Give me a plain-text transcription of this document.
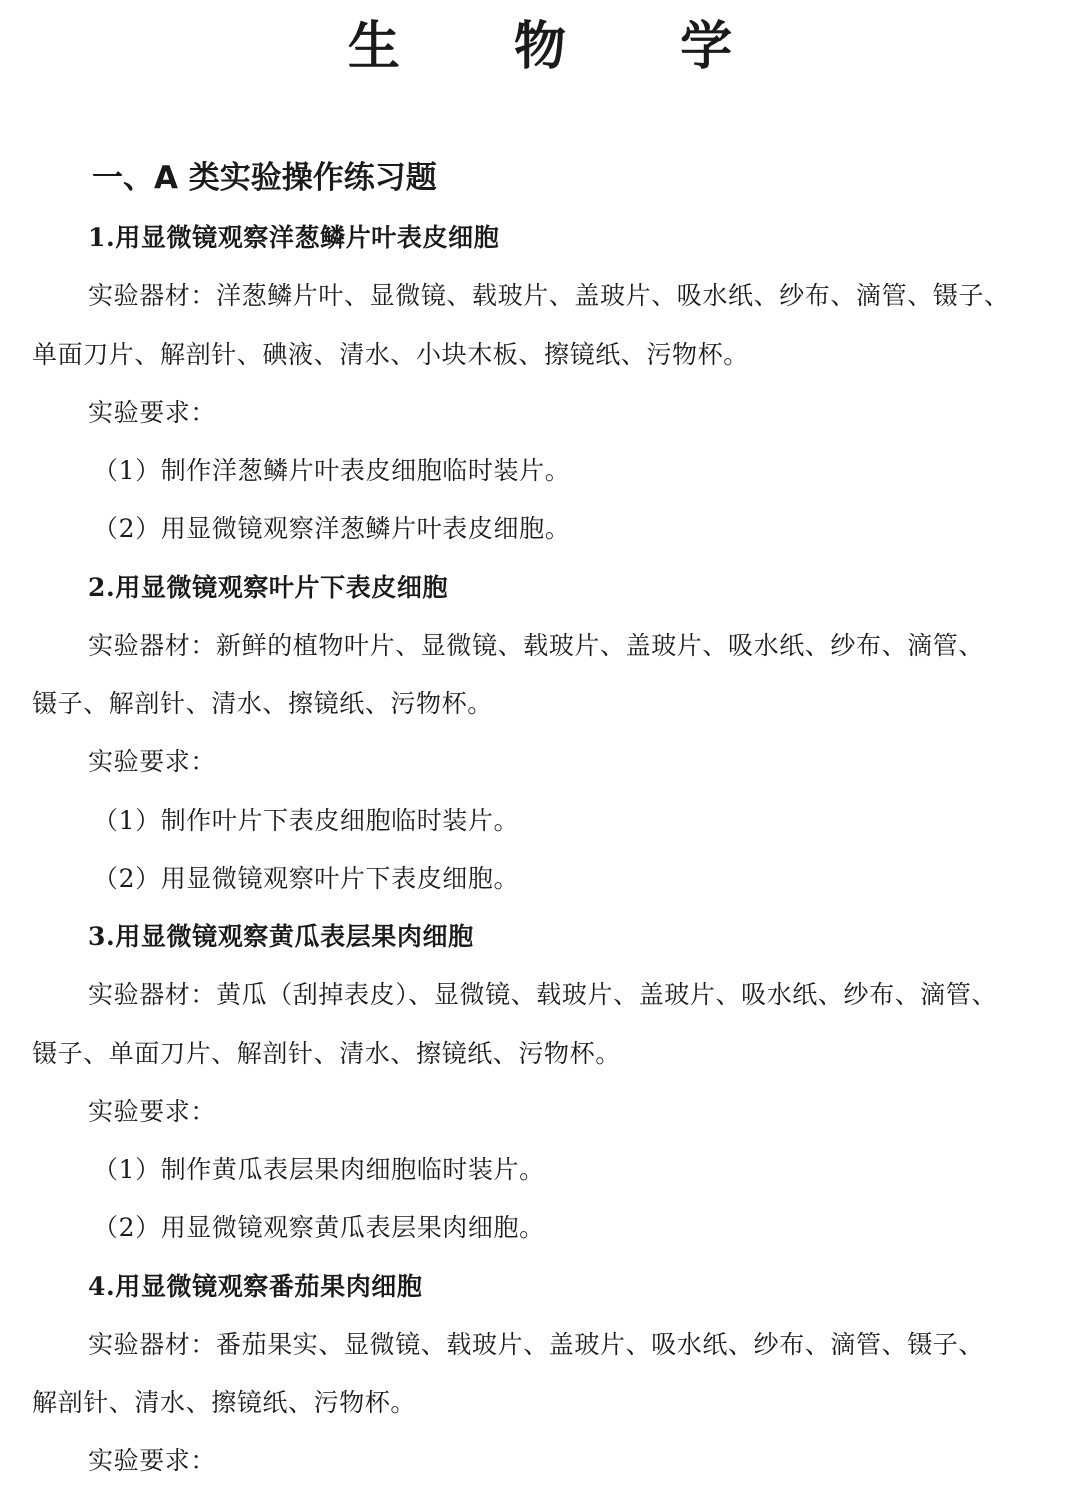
生 物 学
一、A 类实验操作练习题
1.用显微镜观察洋葱鳞片叶表皮细胞
实验器材：洋葱鳞片叶、显微镜、载玻片、盖玻片、吸水纸、纱布、滴管、镊子、
单面刀片、解剖针、碘液、清水、小块木板、擦镜纸、污物杯。
实验要求：
（1）制作洋葱鳞片叶表皮细胞临时装片。
（2）用显微镜观察洋葱鳞片叶表皮细胞。
2.用显微镜观察叶片下表皮细胞
实验器材：新鲜的植物叶片、显微镜、载玻片、盖玻片、吸水纸、纱布、滴管、
镊子、解剖针、清水、擦镜纸、污物杯。
实验要求：
（1）制作叶片下表皮细胞临时装片。
（2）用显微镜观察叶片下表皮细胞。
3.用显微镜观察黄瓜表层果肉细胞
实验器材：黄瓜（刮掉表皮）、显微镜、载玻片、盖玻片、吸水纸、纱布、滴管、
镊子、单面刀片、解剖针、清水、擦镜纸、污物杯。
实验要求：
（1）制作黄瓜表层果肉细胞临时装片。
（2）用显微镜观察黄瓜表层果肉细胞。
4.用显微镜观察番茄果肉细胞
实验器材：番茄果实、显微镜、载玻片、盖玻片、吸水纸、纱布、滴管、镊子、
解剖针、清水、擦镜纸、污物杯。
实验要求：
